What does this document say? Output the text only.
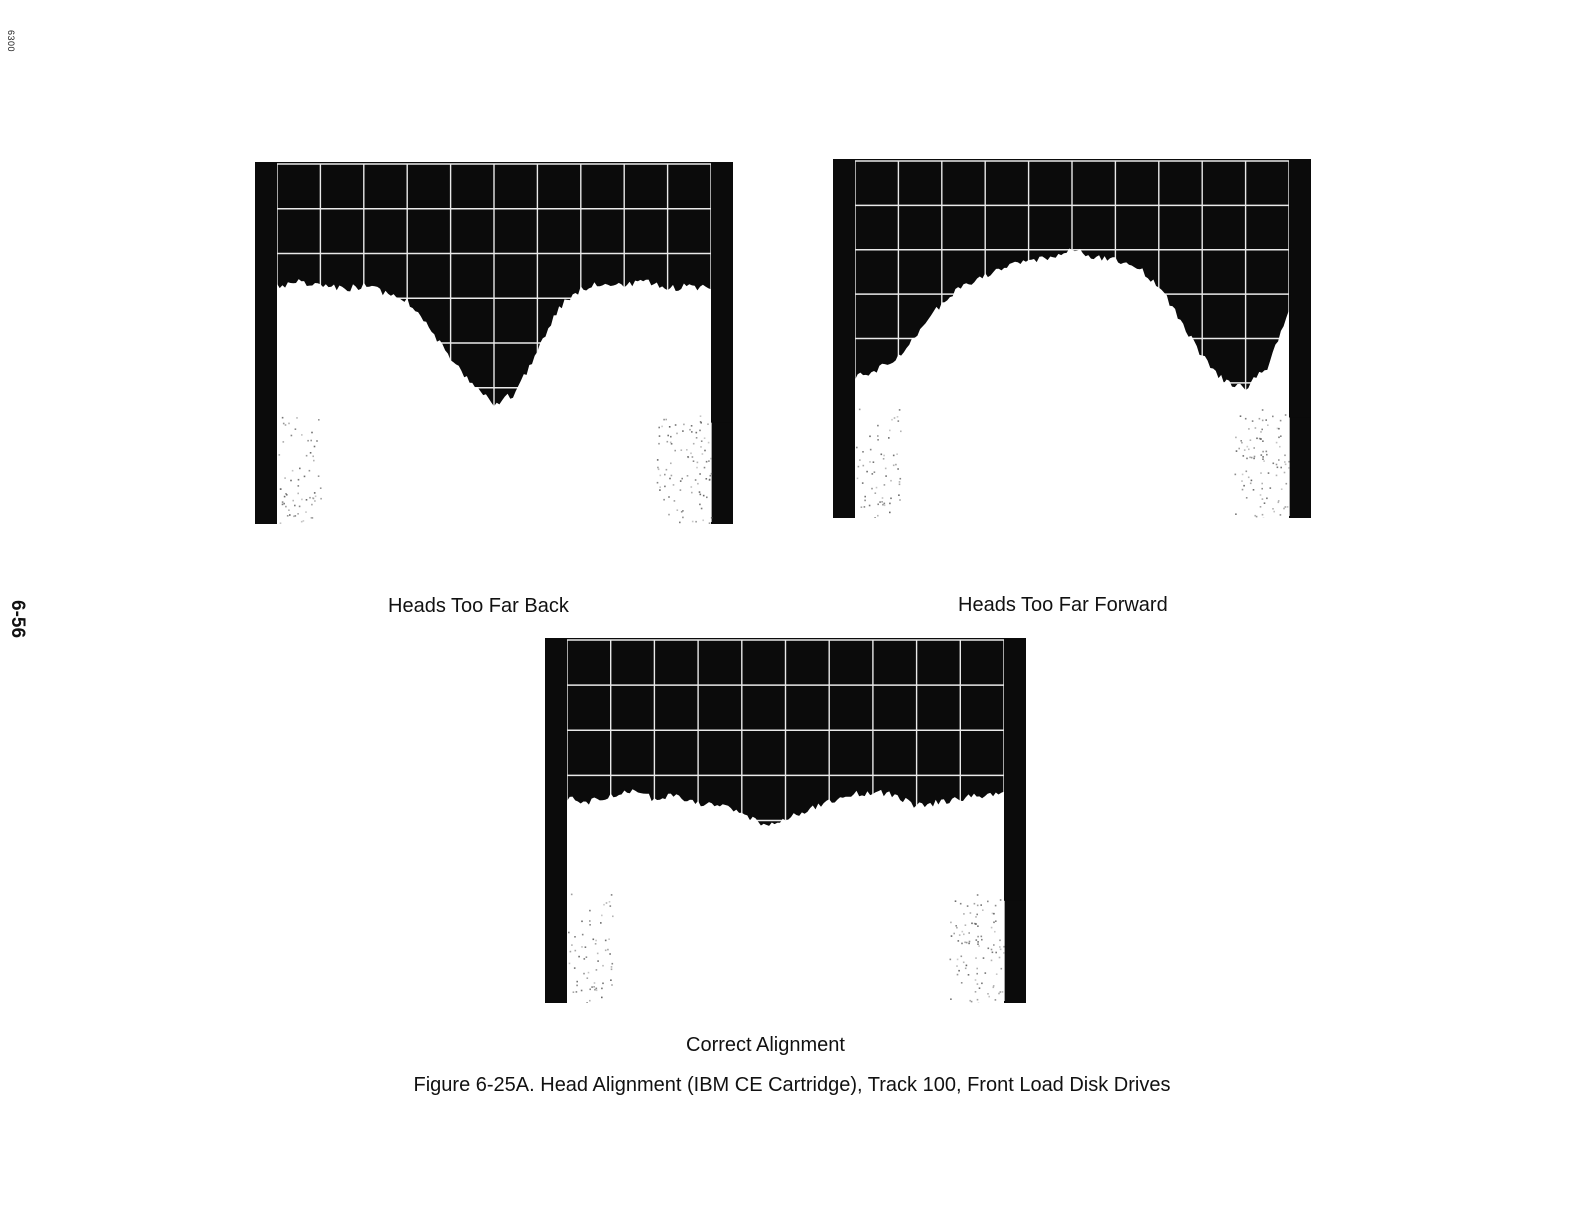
6300
6-56	Heads Too Far Back	Heads Too Far Forward
Correct Alignment
Figure 6-25A. Head Alignment (IBM CE Cartridge), Track 100, Front Load Disk Drives
